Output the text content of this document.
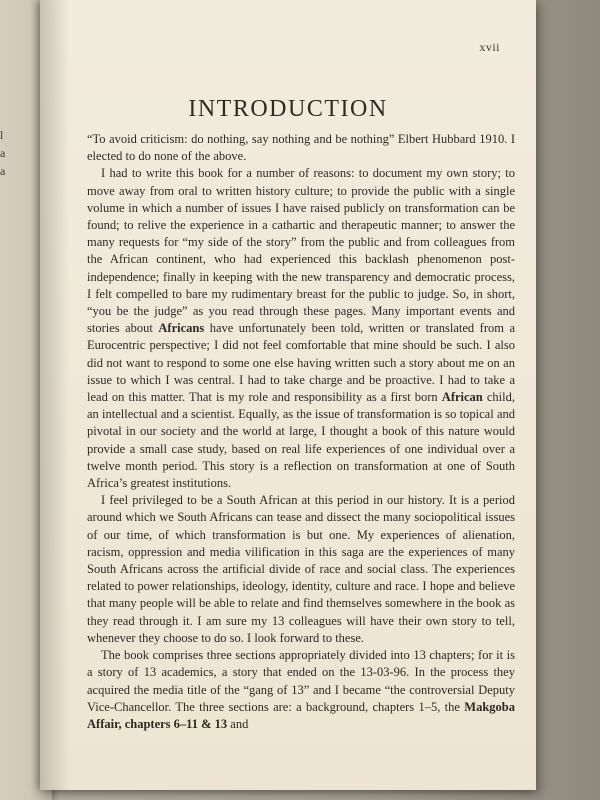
l
a
a
xvii
INTRODUCTION

“To avoid criticism: do nothing, say nothing and be nothing” Elbert Hubbard 1910. I elected to do none of the above.

I had to write this book for a number of reasons: to document my own story; to move away from oral to written history culture; to provide the public with a single volume in which a number of issues I have raised publicly on transformation can be found; to relive the experience in a cathartic and therapeutic manner; to answer the many requests for “my side of the story” from the public and from colleagues from the African continent, who had experienced this backlash phenomenon post-independence; finally in keeping with the new transparency and democratic process, I felt compelled to bare my rudimentary breast for the public to judge. So, in short, “you be the judge” as you read through these pages. Many important events and stories about Africans have unfortunately been told, written or translated from a Eurocentric perspective; I did not feel comfortable that mine should be such. I also did not want to respond to some one else having written such a story about me on an issue to which I was central. I had to take charge and be proactive. I had to take a lead on this matter. That is my role and responsibility as a first born African child, an intellectual and a scientist. Equally, as the issue of transformation is so topical and pivotal in our society and the world at large, I thought a book of this nature would provide a small case study, based on real life experiences of one individual over a twelve month period. This story is a reflection on transformation at one of South Africa’s greatest institutions.

I feel privileged to be a South African at this period in our history. It is a period around which we South Africans can tease and dissect the many sociopolitical issues of our time, of which transformation is but one. My experiences of alienation, racism, oppression and media vilification in this saga are the experiences of many South Africans across the artificial divide of race and social class. The experiences related to power relationships, ideology, identity, culture and race. I hope and believe that many people will be able to relate and find themselves somewhere in the book as they read through it. I am sure my 13 colleagues will have their own story to tell, whenever they choose to do so. I look forward to these.

The book comprises three sections appropriately divided into 13 chapters; for it is a story of 13 academics, a story that ended on the 13-03-96. In the process they acquired the media title of the “gang of 13” and I became “the controversial Deputy Vice-Chancellor. The three sections are: a background, chapters 1–5, the Makgoba Affair, chapters 6–11 & 13 and
